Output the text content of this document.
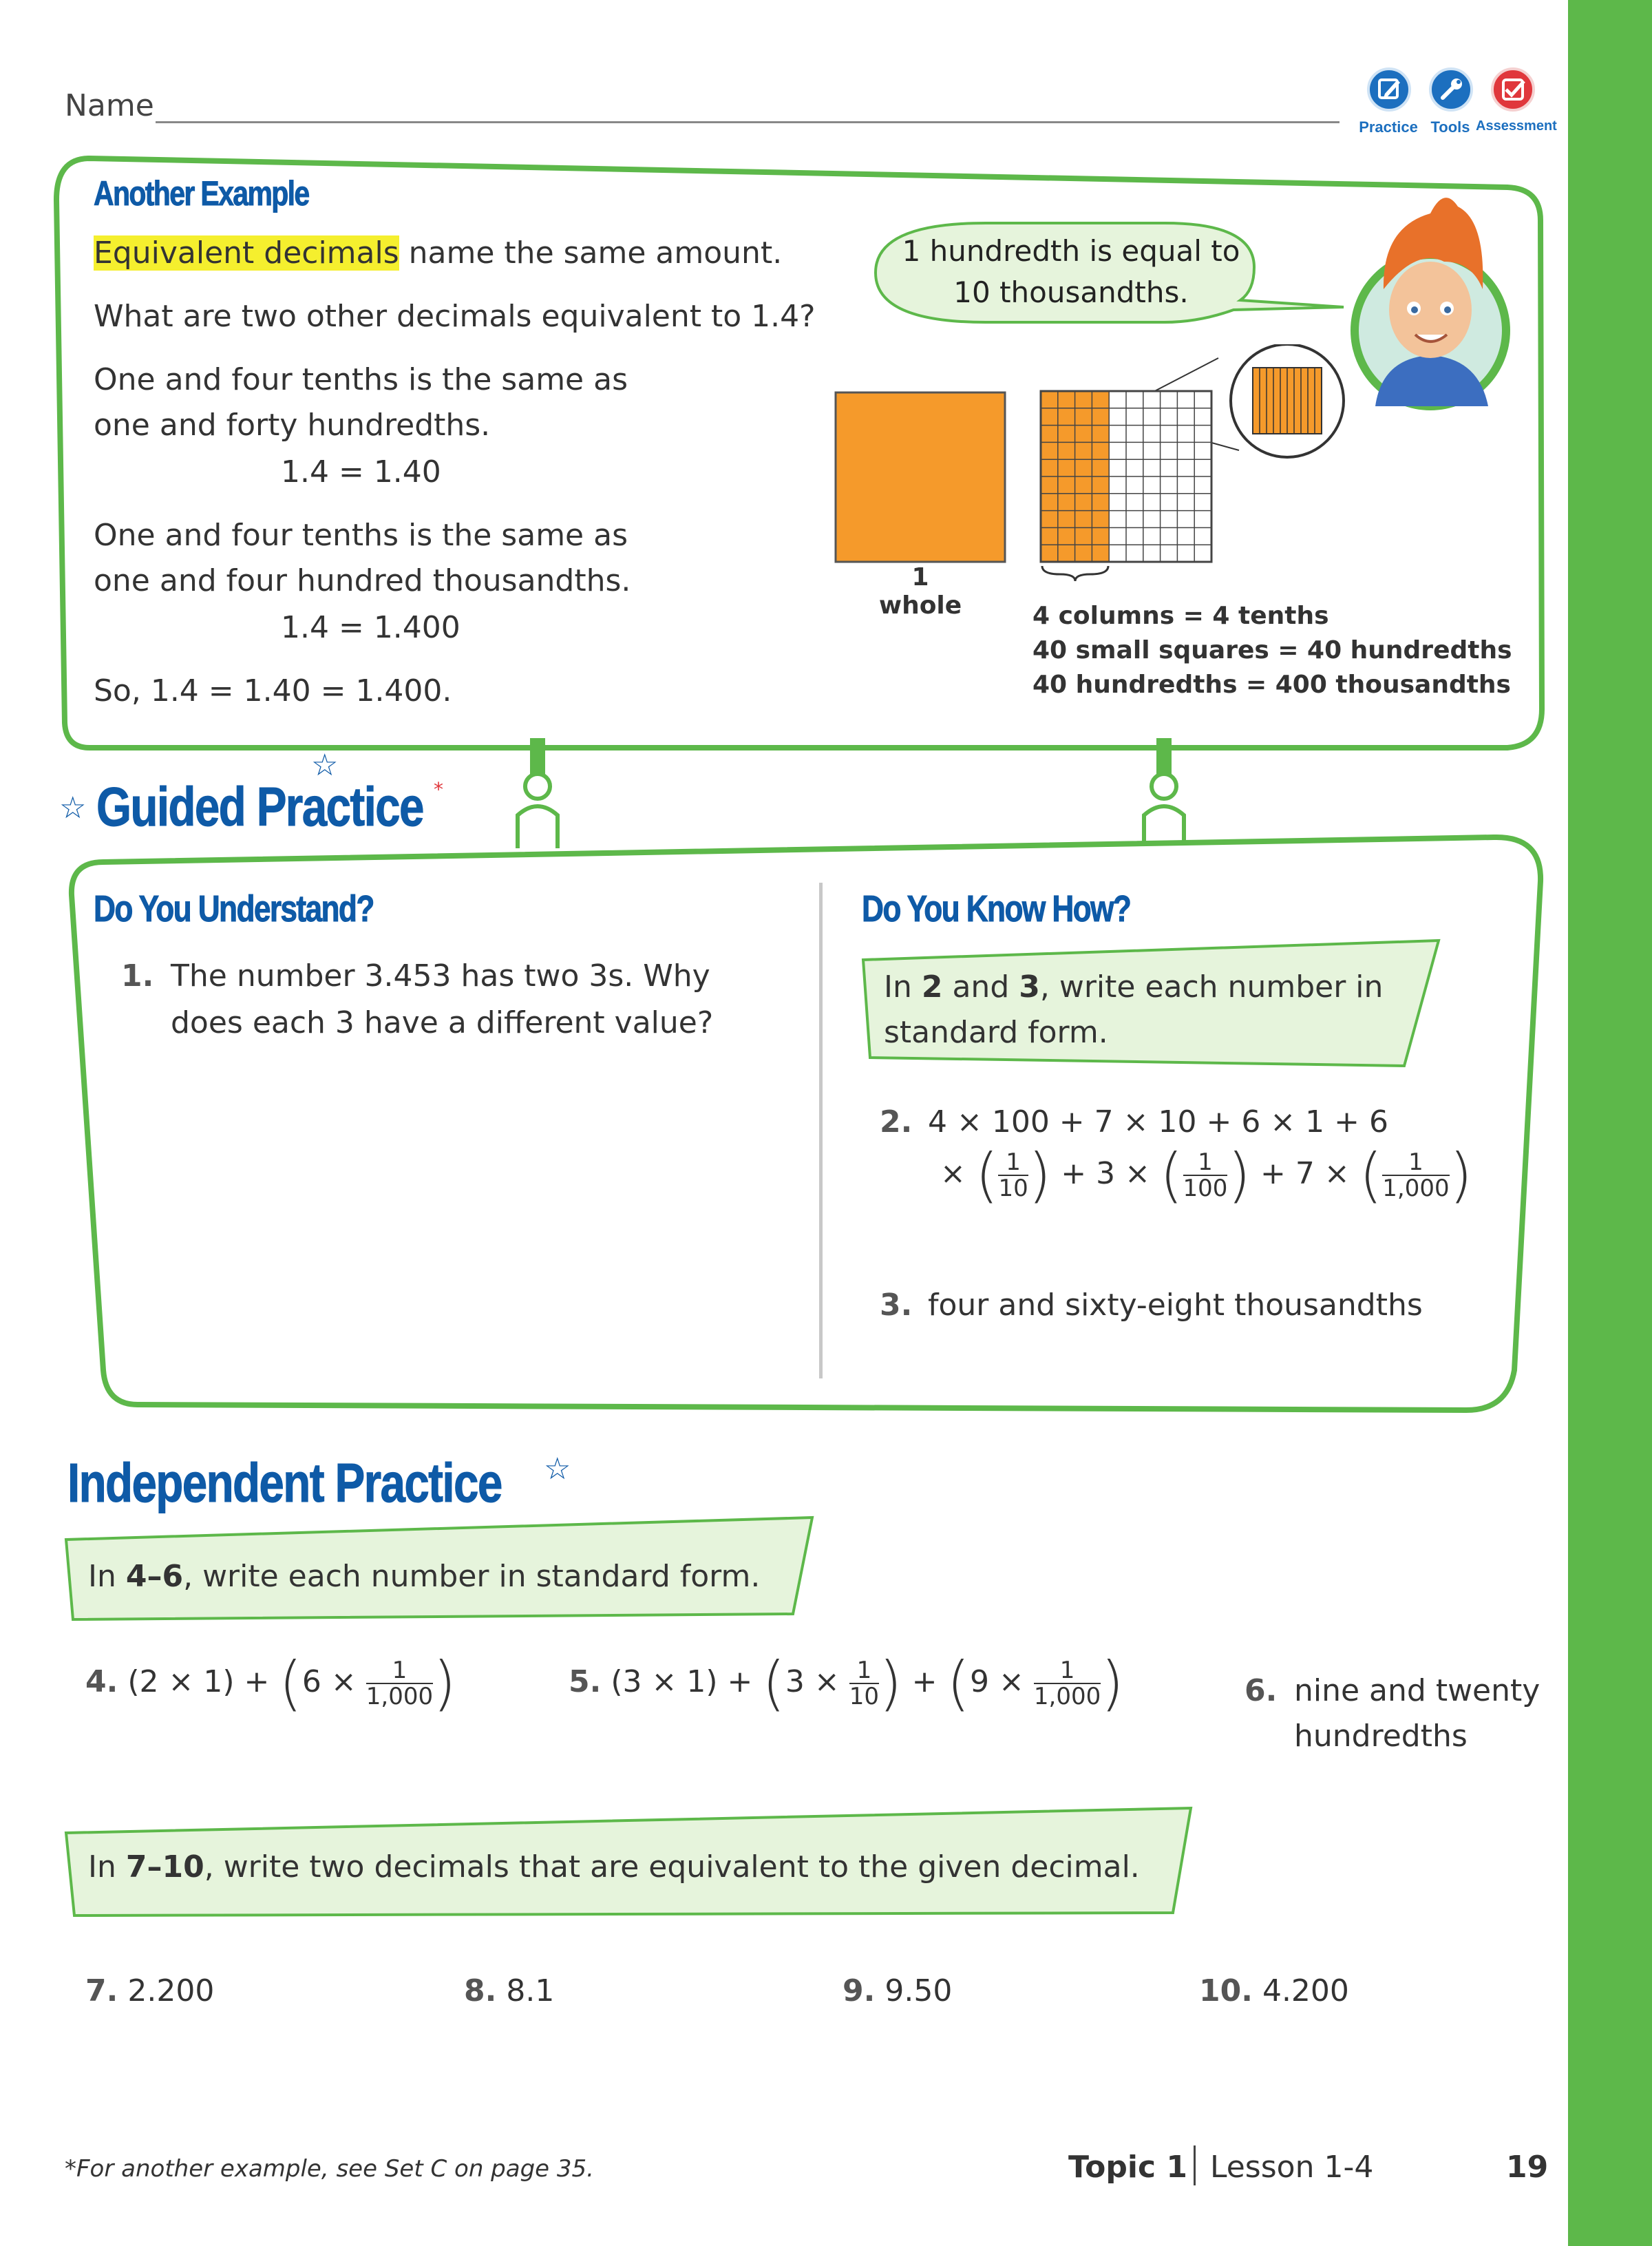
Name
Practice Tools Assessment
Another Example
Equivalent decimals name the same amount.
What are two other decimals equivalent to 1.4?
One and four tenths is the same as
one and forty hundredths.
1.4 = 1.40
One and four tenths is the same as
one and four hundred thousandths.
1.4 = 1.400
So, 1.4 = 1.40 = 1.400.
1 hundredth is equal to
10 thousandths.
1 whole	4 columns = 4 tenths
40 small squares = 40 hundredths
40 hundredths = 400 thousandths
☆
☆
Guided Practice *
Do You Understand?
1. The number 3.453 has two 3s. Why
does each 3 have a different value?
Do You Know How?
In 2 and 3, write each number in
standard form.
2. 4 × 100 + 7 × 10 + 6 × 1 + 6
× ( $\frac{1}{10}$ ) + 3 × ( $\frac{1}{100}$ ) + 7 × ( $\frac{1}{1,000}$ )
3. four and sixty-eight thousandths
Independent Practice ☆
In 4–6, write each number in standard form.
4. $(2 \times 1) + (6 \times \frac{1}{1,000}$ )	5. $(3 \times 1) + (3 \times \frac{1}{10}$ ) + ($9 \times \frac{1}{1,000}$ )	6. nine and twenty
hundredths
In 7–10, write two decimals that are equivalent to the given decimal.
7. 2.200	8. 8.1	9. 9.50	10. 4.200
*For another example, see Set C on page 35.	Topic 1 Lesson 1-4	19
